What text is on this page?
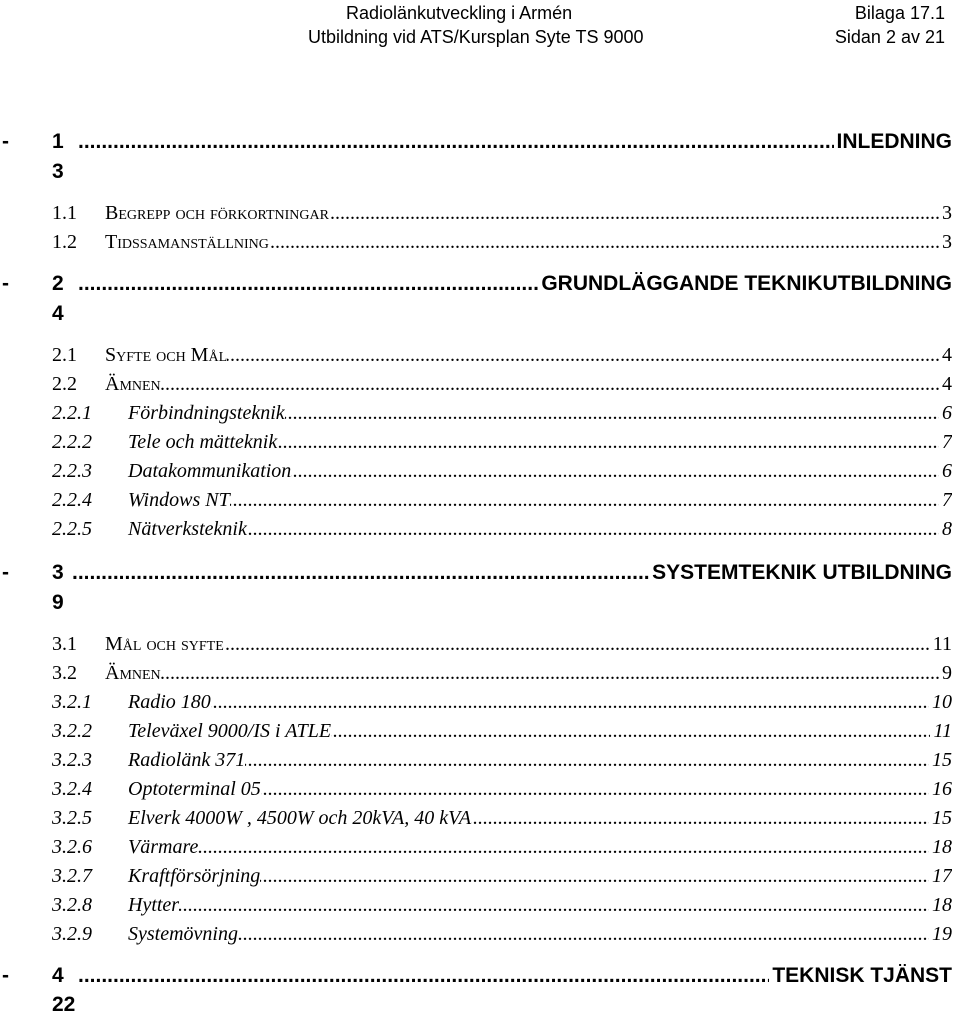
Radiolänkutveckling i Armén	Bilaga 17.1
Utbildning vid ATS/Kursplan Syte TS 9000	Sidan 2 av 21
- 1 .....	INLEDNING
3
1.1 ..... Begrepp och förkortningar	3
1.2 ..... Tidssamanställning	3
- 2 .....	GRUNDLÄGGANDE TEKNIKUTBILDNING
4
2.1 ..... Syfte och Mål	4
2.2 ..... Ämnen	4
2.2.1 ..... Förbindningsteknik	6
2.2.2 ..... Tele och mätteknik	7
2.2.3 ..... Datakommunikation	6
2.2.4 ..... Windows NT	7
2.2.5 ..... Nätverksteknik	8
- 3 .....	SYSTEMTEKNIK UTBILDNING
9
3.1 ..... Mål och syfte	11
3.2 ..... Ämnen	9
3.2.1 ..... Radio 180	10
3.2.2 ..... Televäxel 9000/IS i ATLE	11
3.2.3 ..... Radiolänk 371	15
3.2.4 ..... Optoterminal 05	16
3.2.5 ..... Elverk 4000W , 4500W och 20kVA, 40 kVA	15
3.2.6 ..... Värmare	18
3.2.7 ..... Kraftförsörjning	17
3.2.8 ..... Hytter	18
3.2.9 ..... Systemövning	19
- 4 .....	TEKNISK TJÄNST
22
